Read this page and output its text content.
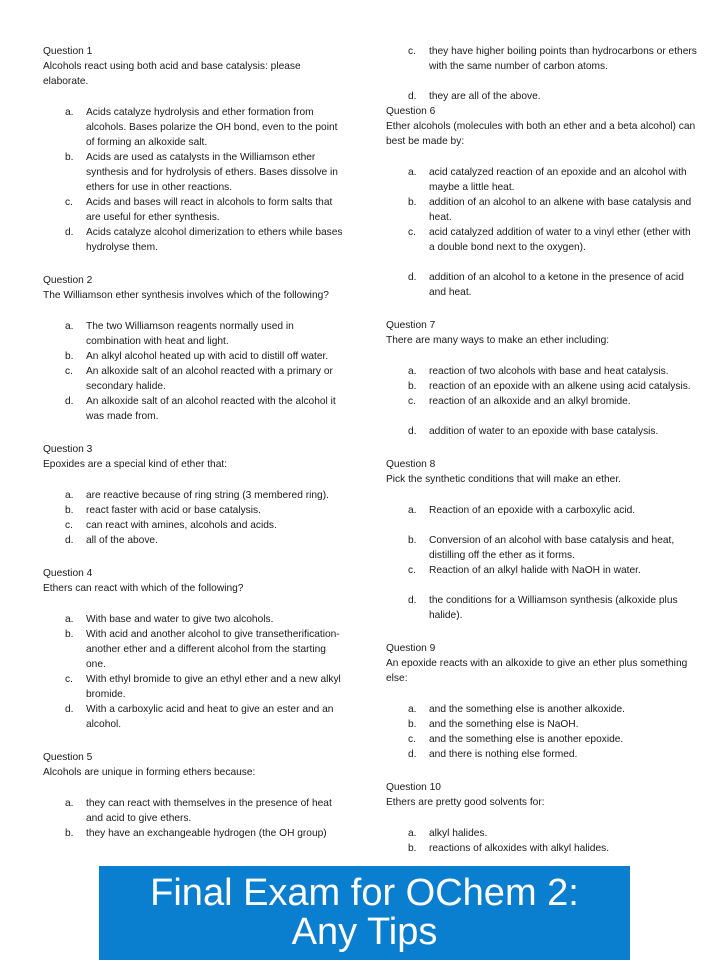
Question 1

Alcohols react using both acid and base catalysis: please elaborate.

a. Acids catalyze hydrolysis and ether formation from alcohols. Bases polarize the OH bond, even to the point of forming an alkoxide salt.
b. Acids are used as catalysts in the Williamson ether synthesis and for hydrolysis of ethers. Bases dissolve in ethers for use in other reactions.
c. Acids and bases will react in alcohols to form salts that are useful for ether synthesis.
d. Acids catalyze alcohol dimerization to ethers while bases hydrolyse them.

Question 2

The Williamson ether synthesis involves which of the following?

a. The two Williamson reagents normally used in combination with heat and light.
b. An alkyl alcohol heated up with acid to distill off water.
c. An alkoxide salt of an alcohol reacted with a primary or secondary halide.
d. An alkoxide salt of an alcohol reacted with the alcohol it was made from.

Question 3

Epoxides are a special kind of ether that:

a. are reactive because of ring string (3 membered ring).
b. react faster with acid or base catalysis.
c. can react with amines, alcohols and acids.
d. all of the above.

Question 4

Ethers can react with which of the following?

a. With base and water to give two alcohols.
b. With acid and another alcohol to give transetherification- another ether and a different alcohol from the starting one.
c. With ethyl bromide to give an ethyl ether and a new alkyl bromide.
d. With a carboxylic acid and heat to give an ester and an alcohol.

Question 5

Alcohols are unique in forming ethers because:

a. they can react with themselves in the presence of heat and acid to give ethers.
b. they have an exchangeable hydrogen (the OH group)
c. they have higher boiling points than hydrocarbons or ethers with the same number of carbon atoms.
d. they are all of the above.

Question 6

Ether alcohols (molecules with both an ether and a beta alcohol) can best be made by:

a. acid catalyzed reaction of an epoxide and an alcohol with maybe a little heat.
b. addition of an alcohol to an alkene with base catalysis and heat.
c. acid catalyzed addition of water to a vinyl ether (ether with a double bond next to the oxygen).
d. addition of an alcohol to a ketone in the presence of acid and heat.

Question 7

There are many ways to make an ether including:

a. reaction of two alcohols with base and heat catalysis.
b. reaction of an epoxide with an alkene using acid catalysis.
c. reaction of an alkoxide and an alkyl bromide.
d. addition of water to an epoxide with base catalysis.

Question 8

Pick the synthetic conditions that will make an ether.

a. Reaction of an epoxide with a carboxylic acid.
b. Conversion of an alcohol with base catalysis and heat, distilling off the ether as it forms.
c. Reaction of an alkyl halide with NaOH in water.
d. the conditions for a Williamson synthesis (alkoxide plus halide).

Question 9

An epoxide reacts with an alkoxide to give an ether plus something else:

a. and the something else is another alkoxide.
b. and the something else is NaOH.
c. and the something else is another epoxide.
d. and there is nothing else formed.

Question 10

Ethers are pretty good solvents for:

a. alkyl halides.
b. reactions of alkoxides with alkyl halides.
Final Exam for OChem 2: Any Tips
